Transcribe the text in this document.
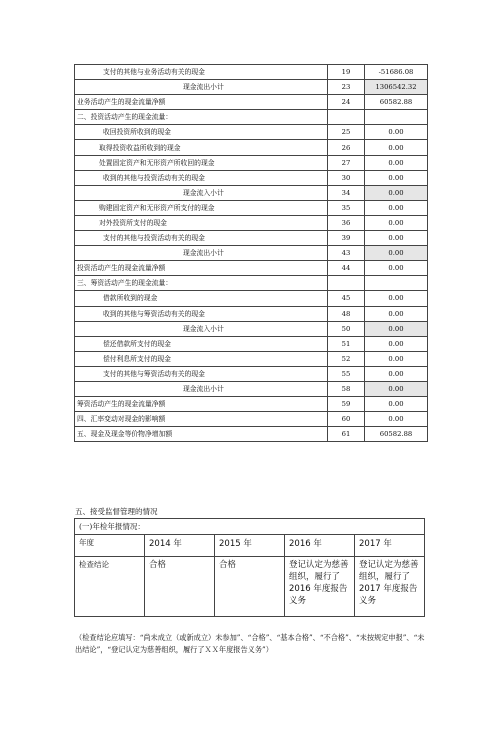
支付的其他与业务活动有关的现金	19	-51686.08
现金流出小计	23	1306542.32
业务活动产生的现金流量净额	24	60582.88
二、投资活动产生的现金流量：		
收回投资所收到的现金	25	0.00
取得投资收益所收到的现金	26	0.00
处置固定资产和无形资产所收回的现金	27	0.00
收到的其他与投资活动有关的现金	30	0.00
现金流入小计	34	0.00
购建固定资产和无形资产所支付的现金	35	0.00
对外投资所支付的现金	36	0.00
支付的其他与投资活动有关的现金	39	0.00
现金流出小计	43	0.00
投资活动产生的现金流量净额	44	0.00
三、筹资活动产生的现金流量：		
借款所收到的现金	45	0.00
收到的其他与筹资活动有关的现金	48	0.00
现金流入小计	50	0.00
偿还借款所支付的现金	51	0.00
偿付利息所支付的现金	52	0.00
支付的其他与筹资活动有关的现金	55	0.00
现金流出小计	58	0.00
筹资活动产生的现金流量净额	59	0.00
四、汇率变动对现金的影响额	60	0.00
五、现金及现金等价物净增加额	61	60582.88
五、接受监督管理的情况
(一)年检年报情况：				
年度	2014 年	2015 年	2016 年	2017 年
检查结论	合格	合格	登记认定为慈善组织，履行了 2016 年度报告义务	登记认定为慈善组织，履行了 2017 年度报告义务
（检查结论应填写：“尚未成立（或新成立）未参加”、“合格”、“基本合格”、“不合格”、“未按规定申报”、“未出结论”，“登记认定为慈善组织，履行了ＸＸ年度报告义务”）
